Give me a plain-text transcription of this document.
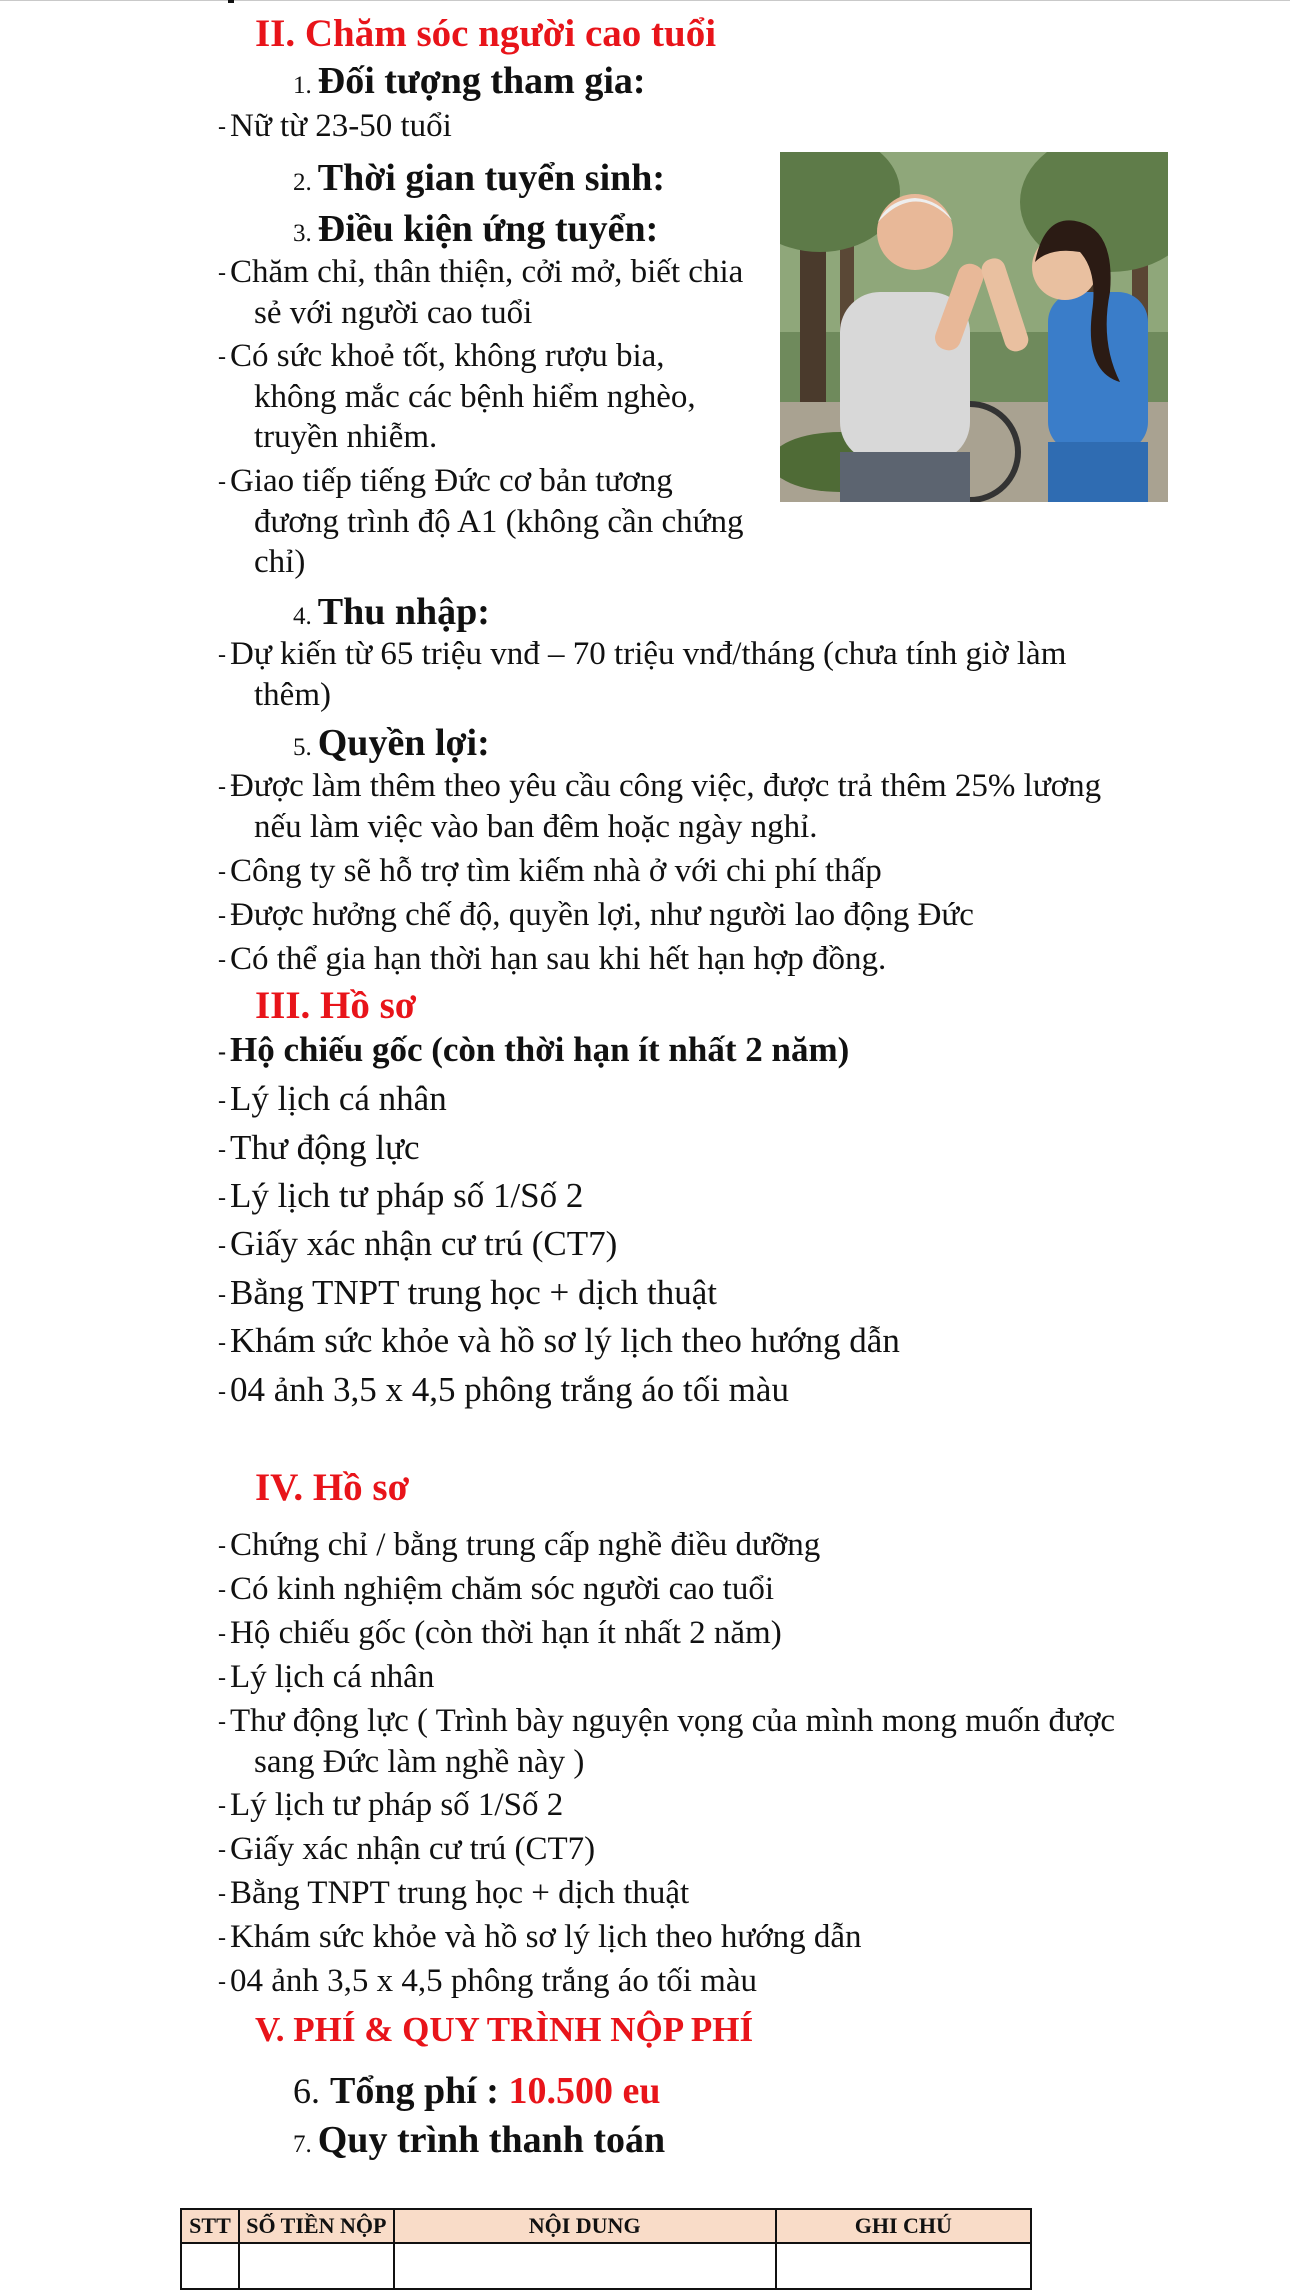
II. Chăm sóc người cao tuổi
1. Đối tượng tham gia:
- Nữ từ 23-50 tuổi
2. Thời gian tuyển sinh:
3. Điều kiện ứng tuyển:
- Chăm chỉ, thân thiện, cởi mở, biết chia
sẻ với người cao tuổi
- Có sức khoẻ tốt, không rượu bia,
không mắc các bệnh hiểm nghèo,
truyền nhiễm.
- Giao tiếp tiếng Đức cơ bản tương
đương trình độ A1 (không cần chứng
chỉ)
4. Thu nhập:
- Dự kiến từ 65 triệu vnđ – 70 triệu vnđ/tháng (chưa tính giờ làm
thêm)
5. Quyền lợi:
- Được làm thêm theo yêu cầu công việc, được trả thêm 25% lương
nếu làm việc vào ban đêm hoặc ngày nghỉ.
- Công ty sẽ hỗ trợ tìm kiếm nhà ở với chi phí thấp
- Được hưởng chế độ, quyền lợi, như người lao động Đức
- Có thể gia hạn thời hạn sau khi hết hạn hợp đồng.
III. Hồ sơ
- Hộ chiếu gốc (còn thời hạn ít nhất 2 năm)
- Lý lịch cá nhân
- Thư động lực
- Lý lịch tư pháp số 1/Số 2
- Giấy xác nhận cư trú (CT7)
- Bằng TNPT trung học + dịch thuật
- Khám sức khỏe và hồ sơ lý lịch theo hướng dẫn
- 04 ảnh 3,5 x 4,5 phông trắng áo tối màu
IV. Hồ sơ
- Chứng chỉ / bằng trung cấp nghề điều dưỡng
- Có kinh nghiệm chăm sóc người cao tuổi
- Hộ chiếu gốc (còn thời hạn ít nhất 2 năm)
- Lý lịch cá nhân
- Thư động lực ( Trình bày nguyện vọng của mình mong muốn được
sang Đức làm nghề này )
- Lý lịch tư pháp số 1/Số 2
- Giấy xác nhận cư trú (CT7)
- Bằng TNPT trung học + dịch thuật
- Khám sức khỏe và hồ sơ lý lịch theo hướng dẫn
- 04 ảnh 3,5 x 4,5 phông trắng áo tối màu
V. PHÍ & QUY TRÌNH NỘP PHÍ
6. Tổng phí : 10.500 eu
7. Quy trình thanh toán
STT	SỐ TIỀN NỘP	NỘI DUNG	GHI CHÚ
